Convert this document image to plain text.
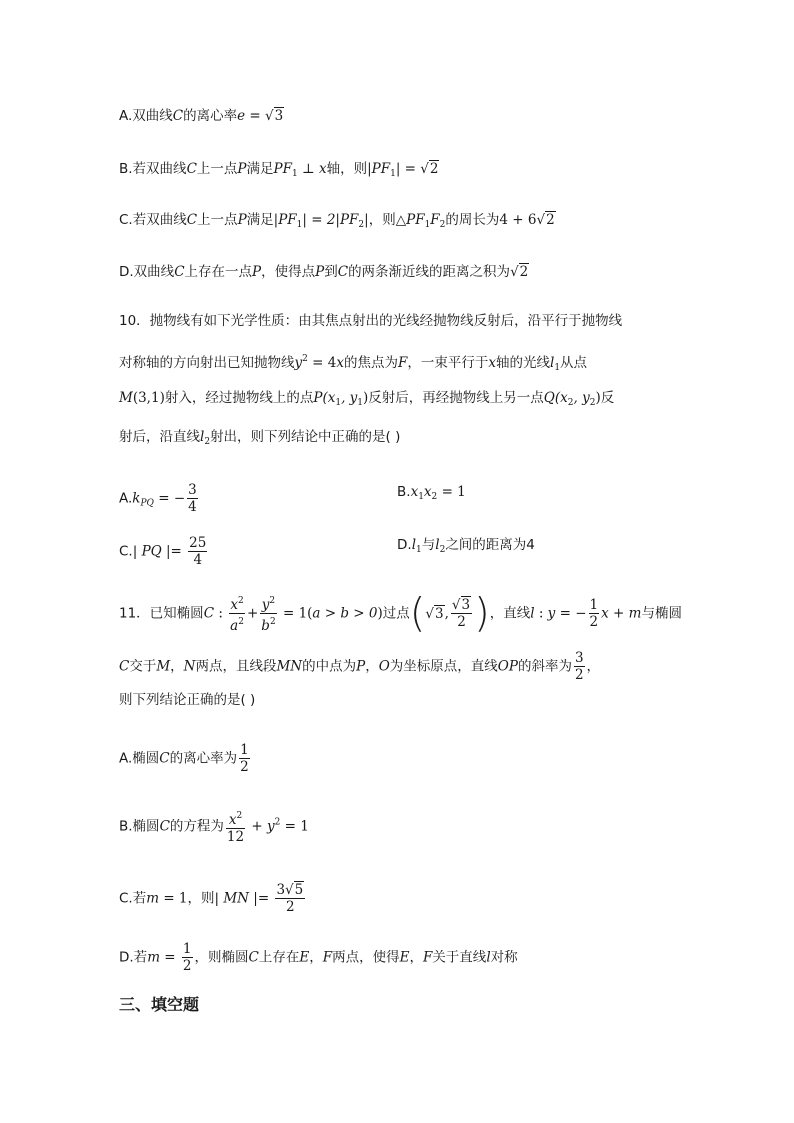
A.双曲线C的离心率e = √3
B.若双曲线C上一点P满足$PF_1$ ⊥ x轴，则$|PF_1| = √2$
C.若双曲线C上一点P满足$|PF_1| = 2|PF_2|$，则$\triangle PF_1F_2$的周长为4 + 6√2
D.双曲线C上存在一点P，使得点P到C的两条渐近线的距离之积为√2
10．抛物线有如下光学性质：由其焦点射出的光线经抛物线反射后，沿平行于抛物线
对称轴的方向射出已知抛物线$y^2 = 4x$的焦点为F，一束平行于x轴的光线$l_1$从点
M(3,1)射入，经过抛物线上的点$P(x_1$, $y_1$)反射后，再经抛物线上另一点$Q(x_2$, $y_2$)反
射后，沿直线$l_2$射出，则下列结论中正确的是( )
$A.k_{PQ}$ = − $\frac{3}{4}$	$B.x_1x_2 = 1$
C.| PQ |= $\frac{25}{4}$	$D.l_1$与$l_2$之间的距离为4
11．已知椭圆C : $\frac{x^2}{a^2} + \frac{y^2}{b^2} = 1(a > b > 0)$过点(√3, $\frac{√3}{2}$ )，直线l : y = − $\frac{1}{2}$ x + m与椭圆
C交于M，N两点，且线段MN的中点为P，O为坐标原点，直线OP的斜率为 $\frac{3}{2}$ ，
则下列结论正确的是( )
A.椭圆C的离心率为 $\frac{1}{2}$
B.椭圆C的方程为 $\frac{x^2}{12} + y^2 = 1$
C.若m = 1，则| MN |= $\frac{3√5}{2}$
D.若$m = \frac{1}{2}$ ，则椭圆C上存在E，F两点，使得E，F关于直线l对称
三、填空题
